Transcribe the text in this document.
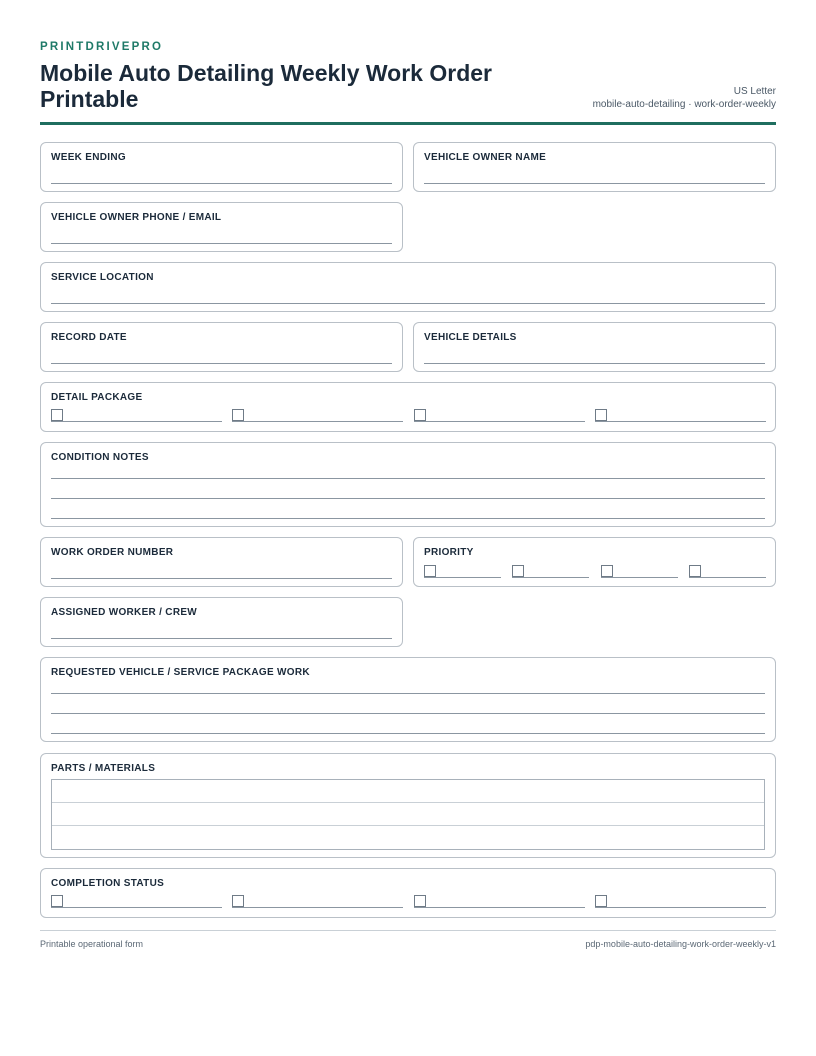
PRINTDRIVEPRO
Mobile Auto Detailing Weekly Work Order Printable	US Letter
mobile-auto-detailing · work-order-weekly
WEEK ENDING	VEHICLE OWNER NAME
VEHICLE OWNER PHONE / EMAIL
SERVICE LOCATION
RECORD DATE	VEHICLE DETAILS
DETAIL PACKAGE
CONDITION NOTES
WORK ORDER NUMBER	PRIORITY
ASSIGNED WORKER / CREW
REQUESTED VEHICLE / SERVICE PACKAGE WORK
PARTS / MATERIALS
COMPLETION STATUS
Printable operational form	pdp-mobile-auto-detailing-work-order-weekly-v1
